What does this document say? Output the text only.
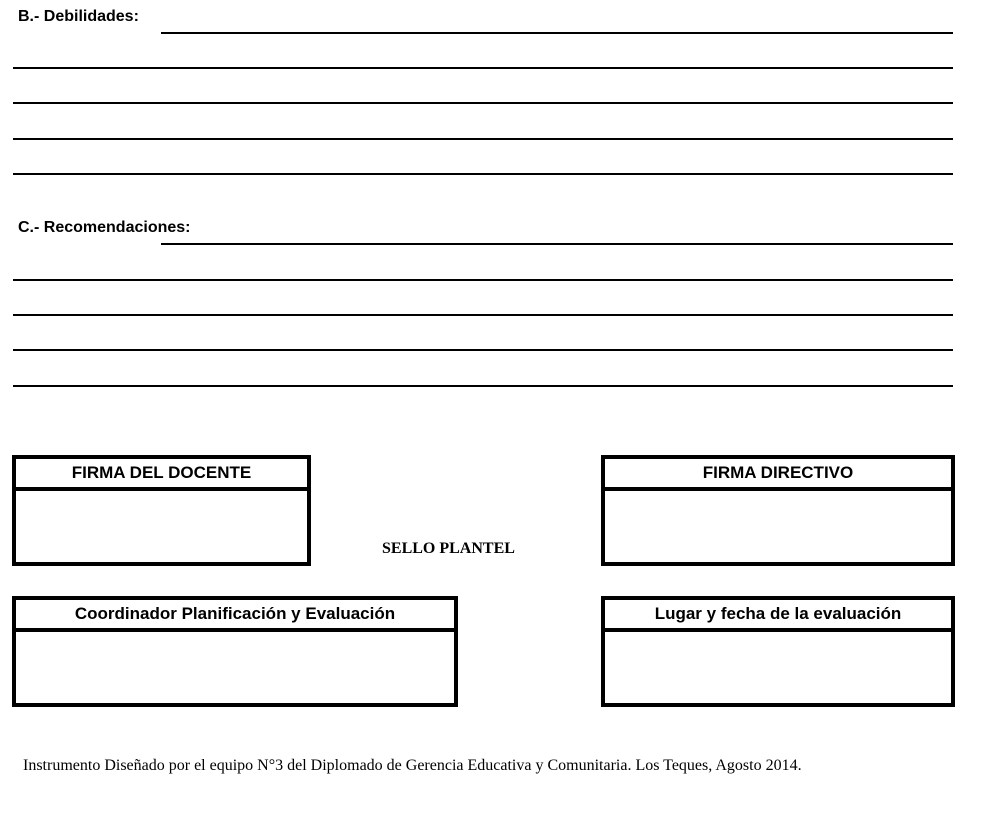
B.- Debilidades:
C.- Recomendaciones:
FIRMA DEL DOCENTE
SELLO PLANTEL
FIRMA DIRECTIVO
Coordinador Planificación y Evaluación	Lugar y fecha de la evaluación
Instrumento Diseñado por el equipo N°3 del Diplomado de Gerencia Educativa y Comunitaria. Los Teques, Agosto 2014.
